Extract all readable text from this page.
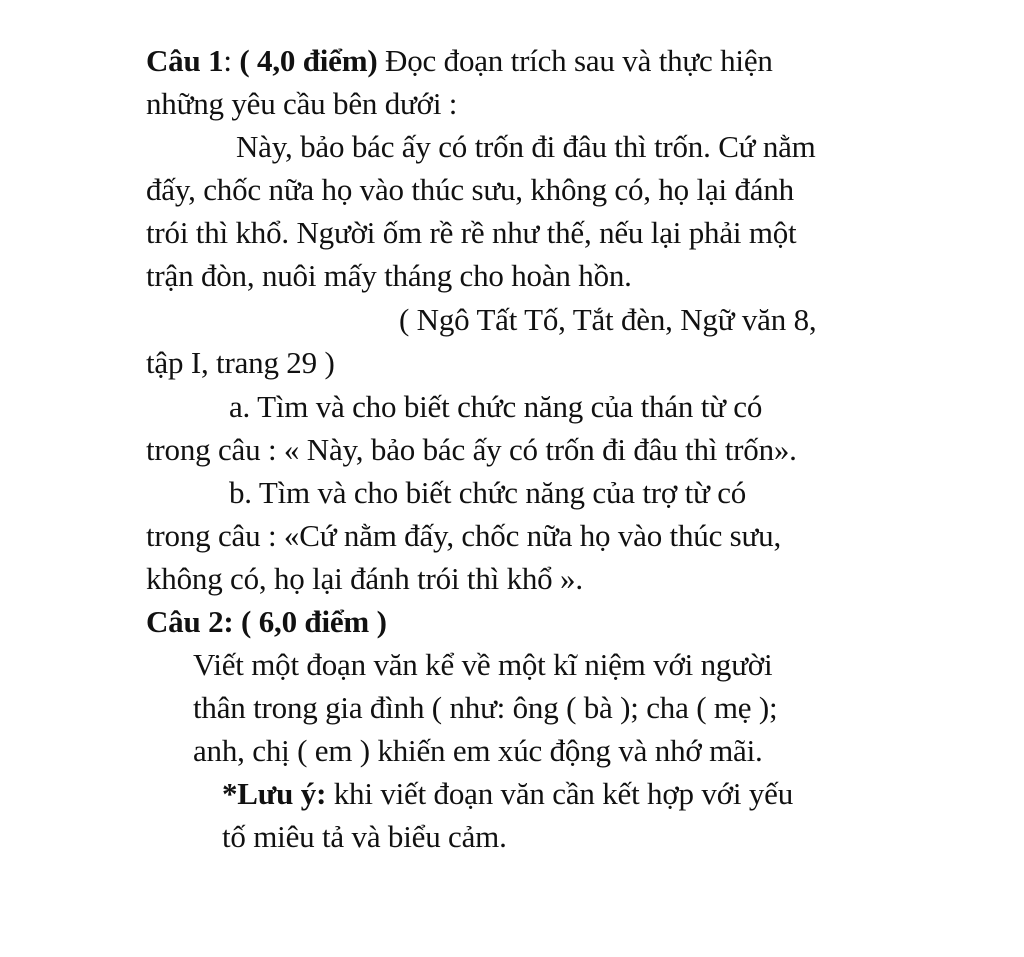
Câu 1: ( 4,0 điểm) Đọc đoạn trích sau và thực hiện
những yêu cầu bên dưới :
Này, bảo bác ấy có trốn đi đâu thì trốn. Cứ nằm
đấy, chốc nữa họ vào thúc sưu, không có, họ lại đánh
trói thì khổ. Người ốm rề rề như thế, nếu lại phải một
trận đòn, nuôi mấy tháng cho hoàn hồn.
( Ngô Tất Tố, Tắt đèn, Ngữ văn 8,
tập I, trang 29 )
a. Tìm và cho biết chức năng của thán từ có
trong câu : « Này, bảo bác ấy có trốn đi đâu thì trốn».
b. Tìm và cho biết chức năng của trợ từ có
trong câu : «Cứ nằm đấy, chốc nữa họ vào thúc sưu,
không có, họ lại đánh trói thì khổ ».
Câu 2: ( 6,0 điểm )
Viết một đoạn văn kể về một kĩ niệm với người
thân trong gia đình ( như: ông ( bà ); cha ( mẹ );
anh, chị ( em ) khiến em xúc động và nhớ mãi.
*Lưu ý: khi viết đoạn văn cần kết hợp với yếu
tố miêu tả và biểu cảm.
